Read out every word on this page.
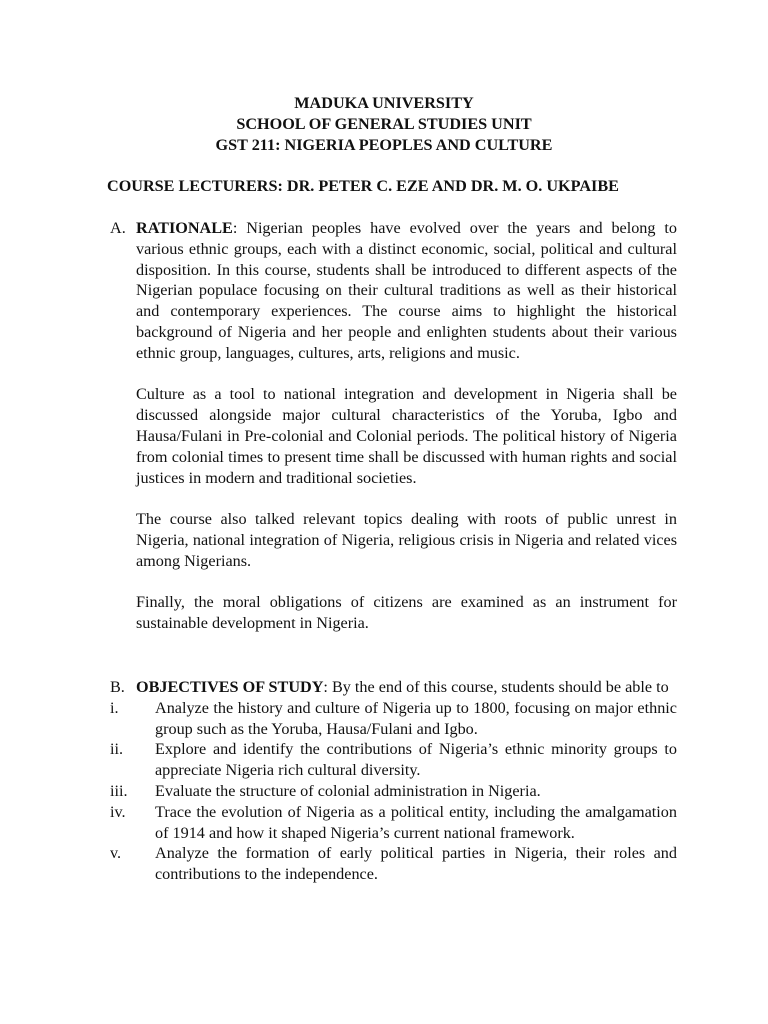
MADUKA UNIVERSITY
SCHOOL OF GENERAL STUDIES UNIT
GST 211: NIGERIA PEOPLES AND CULTURE
COURSE LECTURERS: DR. PETER C. EZE AND DR. M. O. UKPAIBE
A. RATIONALE: Nigerian peoples have evolved over the years and belong to various ethnic groups, each with a distinct economic, social, political and cultural disposition. In this course, students shall be introduced to different aspects of the Nigerian populace focusing on their cultural traditions as well as their historical and contemporary experiences. The course aims to highlight the historical background of Nigeria and her people and enlighten students about their various ethnic group, languages, cultures, arts, religions and music.

Culture as a tool to national integration and development in Nigeria shall be discussed alongside major cultural characteristics of the Yoruba, Igbo and Hausa/Fulani in Pre-colonial and Colonial periods. The political history of Nigeria from colonial times to present time shall be discussed with human rights and social justices in modern and traditional societies.

The course also talked relevant topics dealing with roots of public unrest in Nigeria, national integration of Nigeria, religious crisis in Nigeria and related vices among Nigerians.

Finally, the moral obligations of citizens are examined as an instrument for sustainable development in Nigeria.

B. OBJECTIVES OF STUDY: By the end of this course, students should be able to

i.	Analyze the history and culture of Nigeria up to 1800, focusing on major ethnic group such as the Yoruba, Hausa/Fulani and Igbo.
ii.	Explore and identify the contributions of Nigeria’s ethnic minority groups to appreciate Nigeria rich cultural diversity.
iii.	Evaluate the structure of colonial administration in Nigeria.
iv.	Trace the evolution of Nigeria as a political entity, including the amalgamation of 1914 and how it shaped Nigeria’s current national framework.
v.	Analyze the formation of early political parties in Nigeria, their roles and contributions to the independence.
